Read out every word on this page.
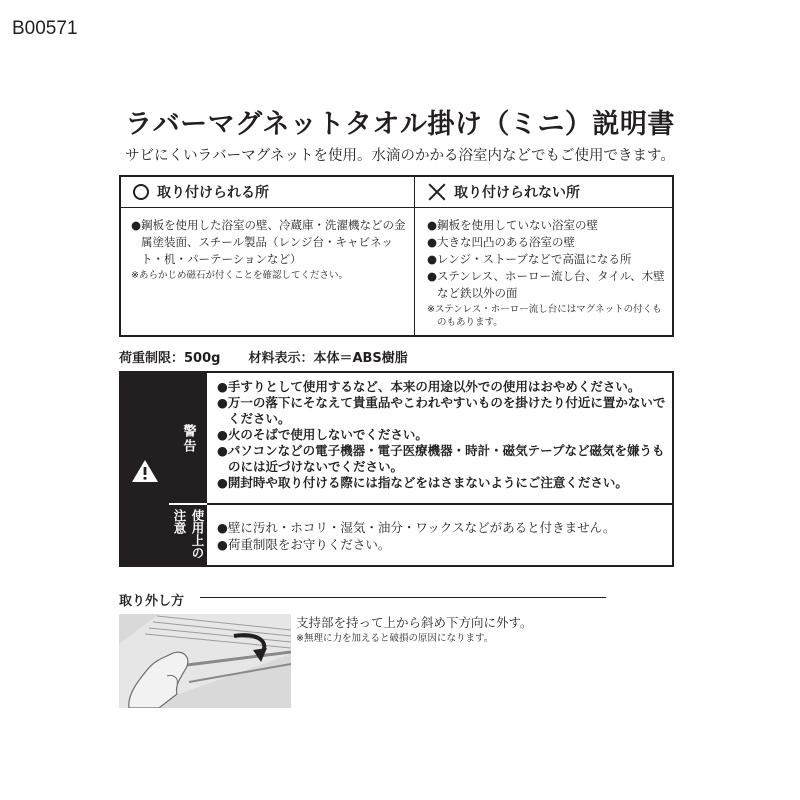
B00571
ラバーマグネットタオル掛け（ミニ）説明書
サビにくいラバーマグネットを使用。水滴のかかる浴室内などでもご使用できます。
取り付けられる所	取り付けられない所
●鋼板を使用した浴室の壁、冷蔵庫・洗濯機などの金属塗装面、スチール製品（レンジ台・キャビネット・机・パーテーションなど）
※あらかじめ磁石が付くことを確認してください。
●鋼板を使用していない浴室の壁
●大きな凹凸のある浴室の壁
●レンジ・ストーブなどで高温になる所
●ステンレス、ホーロー流し台、タイル、木壁など鉄以外の面
※ステンレス・ホーロー流し台にはマグネットの付くものもあります。
荷重制限：500g 材料表示：本体＝ABS樹脂
警告
使用上の注意
●手すりとして使用するなど、本来の用途以外での使用はおやめください。
●万一の落下にそなえて貴重品やこわれやすいものを掛けたり付近に置かないでください。
●火のそばで使用しないでください。
●パソコンなどの電子機器・電子医療機器・時計・磁気テープなど磁気を嫌うものには近づけないでください。
●開封時や取り付ける際には指などをはさまないようにご注意ください。
●壁に汚れ・ホコリ・湿気・油分・ワックスなどがあると付きません。
●荷重制限をお守りください。
取り外し方
支持部を持って上から斜め下方向に外す。
※無理に力を加えると破損の原因になります。
